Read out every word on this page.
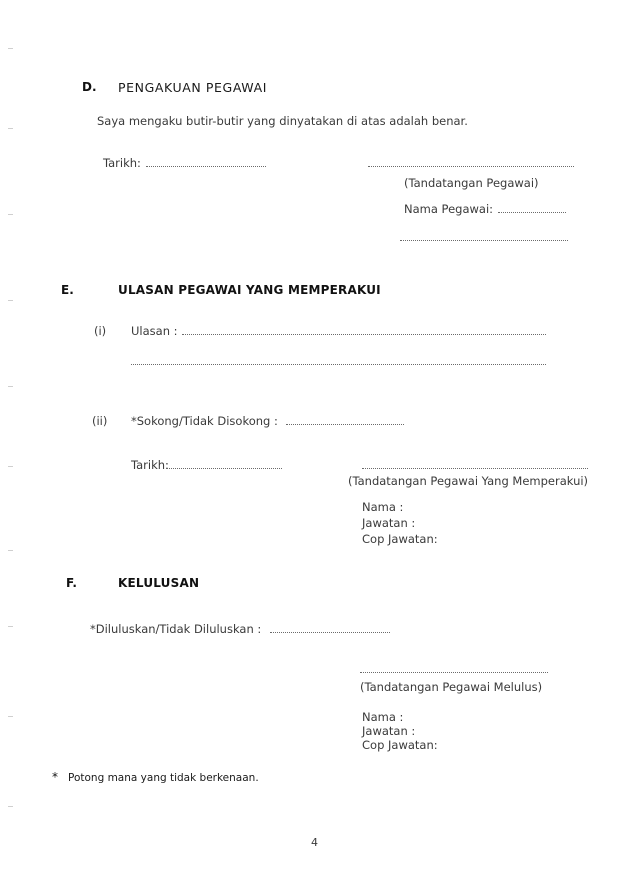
D. PENGAKUAN PEGAWAI
Saya mengaku butir-butir yang dinyatakan di atas adalah benar.
Tarikh:
(Tandatangan Pegawai)
Nama Pegawai:
E.	ULASAN PEGAWAI YANG MEMPERAKUI
(i) Ulasan :
(ii) *Sokong/Tidak Disokong :
Tarikh:
(Tandatangan Pegawai Yang Memperakui)
Nama :
Jawatan :
Cop Jawatan:
F.	KELULUSAN
*Diluluskan/Tidak Diluluskan :
(Tandatangan Pegawai Melulus)
Nama :
Jawatan :
Cop Jawatan:
* Potong mana yang tidak berkenaan.
4
